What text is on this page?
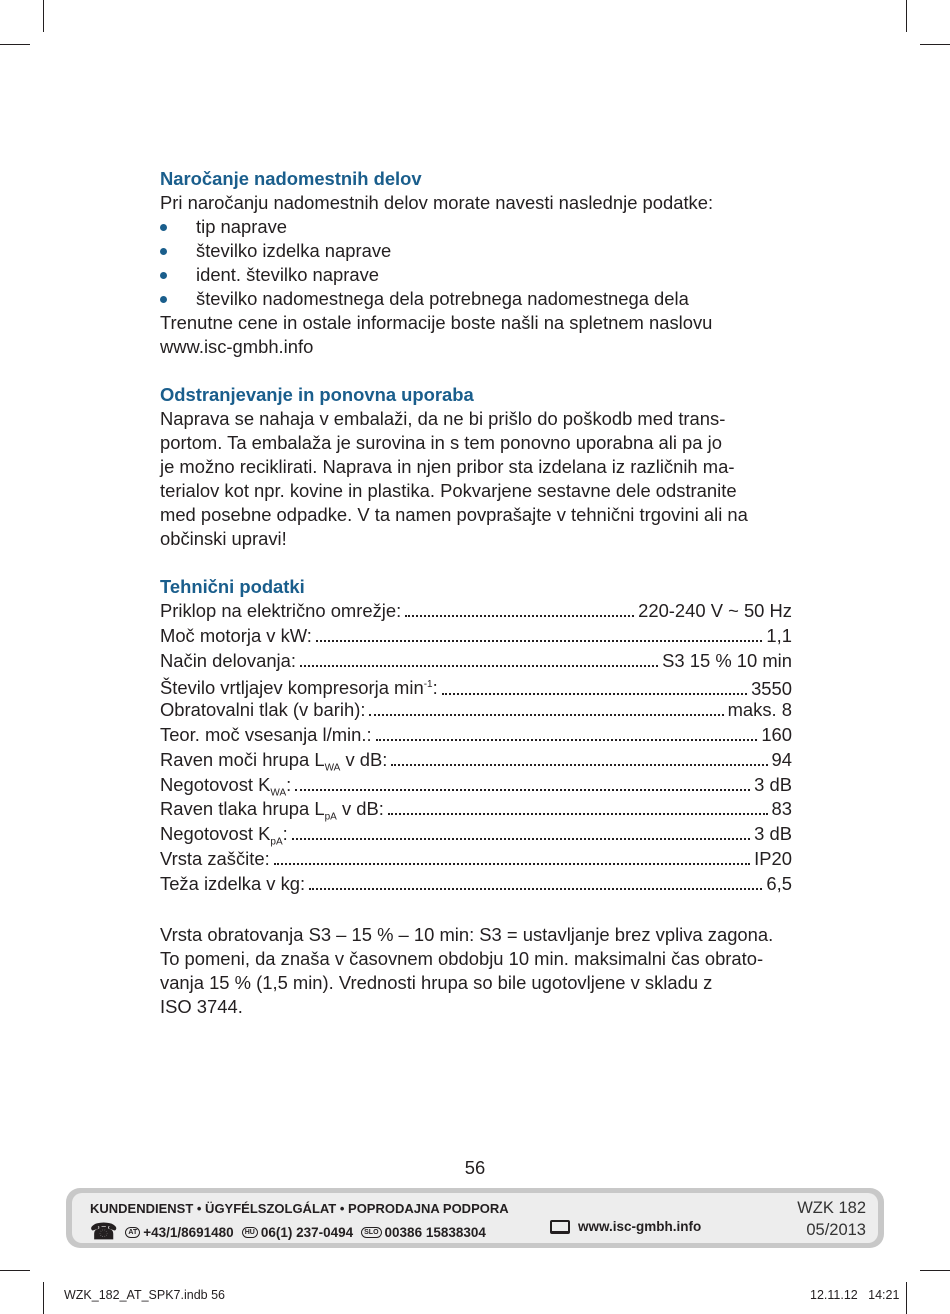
Naročanje nadomestnih delov

Pri naročanju nadomestnih delov morate navesti naslednje podatke:

tip naprave
številko izdelka naprave
ident. številko naprave
številko nadomestnega dela potrebnega nadomestnega dela

Trenutne cene in ostale informacije boste našli na spletnem naslovu

www.isc-gmbh.info

Odstranjevanje in ponovna uporaba

Naprava se nahaja v embalaži, da ne bi prišlo do poškodb med trans-

portom. Ta embalaža je surovina in s tem ponovno uporabna ali pa jo

je možno reciklirati. Naprava in njen pribor sta izdelana iz različnih ma-

terialov kot npr. kovine in plastika. Pokvarjene sestavne dele odstranite

med posebne odpadke. V ta namen povprašajte v tehnični trgovini ali na

občinski upravi!

Tehnični podatki
Priklop na električno omrežje:	220-240 V ~ 50 Hz
Moč motorja v kW:	1,1
Način delovanja:	S3 15 % 10 min
Število vrtljajev kompresorja $\min^{-1}$:	3550
Obratovalni tlak (v barih):	maks. 8
Teor. moč vsesanja l/min.:	160
Raven moči hrupa $L_{WA}$ v dB:	94
Negotovost $K_{WA}$:	3 dB
Raven tlaka hrupa $L_{pA}$ v dB:	83
Negotovost $K_{pA}$:	3 dB
Vrsta zaščite:	IP20
Teža izdelka v kg:	6,5

Vrsta obratovanja S3 – 15 % – 10 min: S3 = ustavljanje brez vpliva zagona.

To pomeni, da znaša v časovnem obdobju 10 min. maksimalni čas obrato-

vanja 15 % (1,5 min). Vrednosti hrupa so bile ugotovljene v skladu z

ISO 3744.

56
KUNDENDIENST • ÜGYFÉLSZOLGÁLAT • POPRODAJNA PODPORA
☎	AT +43/1/8691480	HU 06(1) 237-0494	SLO 00386 15838304	www.isc-gmbh.info
WZK 182
05/2013
WZK_182_AT_SPK7.indb 56	12.11.12   14:21
